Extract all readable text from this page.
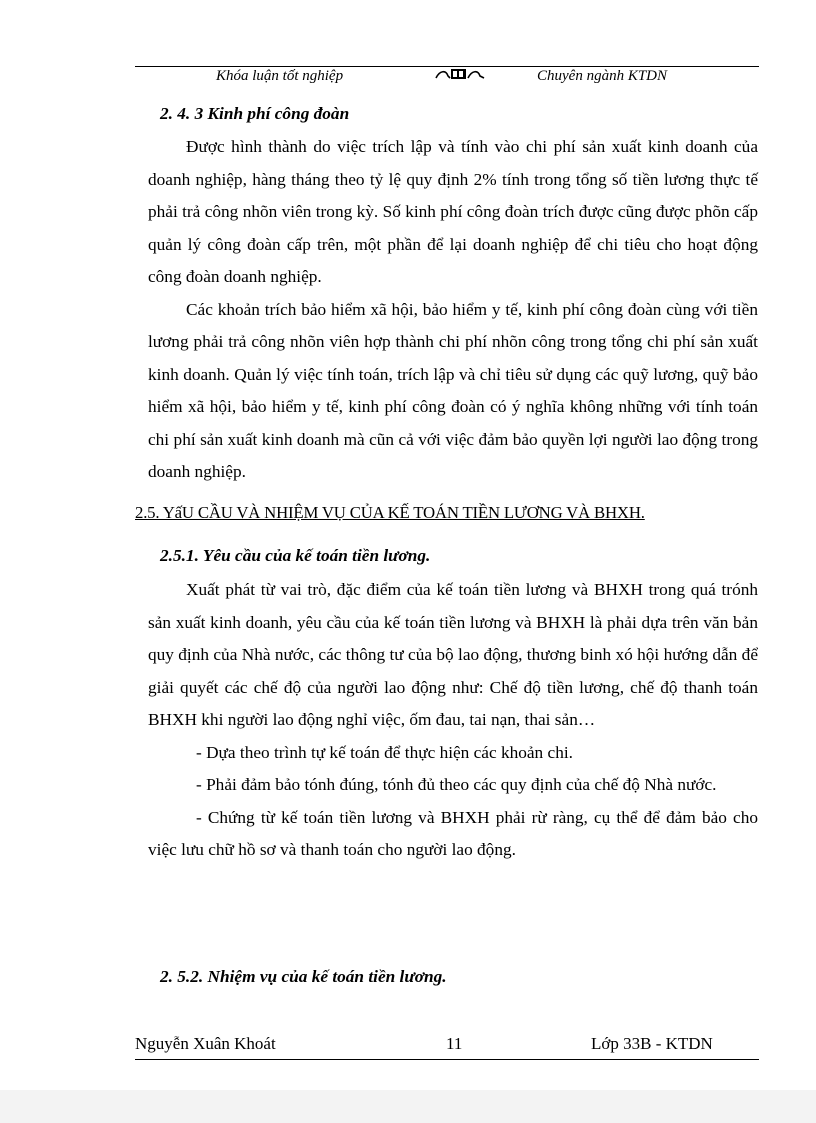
Khóa luận tốt nghiệp	Chuyên ngành KTDN
2. 4. 3 Kinh phí công đoàn

Được hình thành do việc trích lập và tính vào chi phí sản xuất kinh doanh của doanh nghiệp, hàng tháng theo tỷ lệ quy định 2% tính trong tổng số tiền lương thực tế phải trả công nhõn viên trong kỳ. Số kinh phí công đoàn trích được cũng được phõn cấp quản lý công đoàn cấp trên, một phần để lại doanh nghiệp để chi tiêu cho hoạt động công đoàn doanh nghiệp.

Các khoản trích bảo hiểm xã hội, bảo hiểm y tế, kinh phí công đoàn cùng với tiền lương phải trả công nhõn viên hợp thành chi phí nhõn công trong tổng chi phí sản xuất kinh doanh. Quản lý việc tính toán, trích lập và chỉ tiêu sử dụng các quỹ lương, quỹ bảo hiểm xã hội, bảo hiểm y tế, kinh phí công đoàn có ý nghĩa không những với tính toán chi phí sản xuất kinh doanh mà cũn cả với việc đảm bảo quyền lợi người lao động trong doanh nghiệp.

2.5. YấU CẦU VÀ NHIỆM VỤ CỦA KẾ TOÁN TIỀN LƯƠNG VÀ BHXH.
2.5.1. Yêu cầu của kế toán tiền lương.

Xuất phát từ vai trò, đặc điểm của kế toán tiền lương và BHXH trong quá trónh sản xuất kinh doanh, yêu cầu của kế toán tiền lương và BHXH là phải dựa trên văn bản quy định của Nhà nước, các thông tư của bộ lao động, thương binh xó hội hướng dẫn để giải quyết các chế độ của người lao động như: Chế độ tiền lương, chế độ thanh toán BHXH khi người lao động nghỉ việc, ốm đau, tai nạn, thai sản…

- Dựa theo trình tự kế toán để thực hiện các khoản chi.

- Phải đảm bảo tónh đúng, tónh đủ theo các quy định của chế độ Nhà nước.

- Chứng từ kế toán tiền lương và BHXH phải rừ ràng, cụ thể để đảm bảo cho việc lưu chữ hồ sơ và thanh toán cho người lao động.

2. 5.2. Nhiệm vụ của kế toán tiền lương.
Nguyễn Xuân Khoát	11	Lớp 33B - KTDN
